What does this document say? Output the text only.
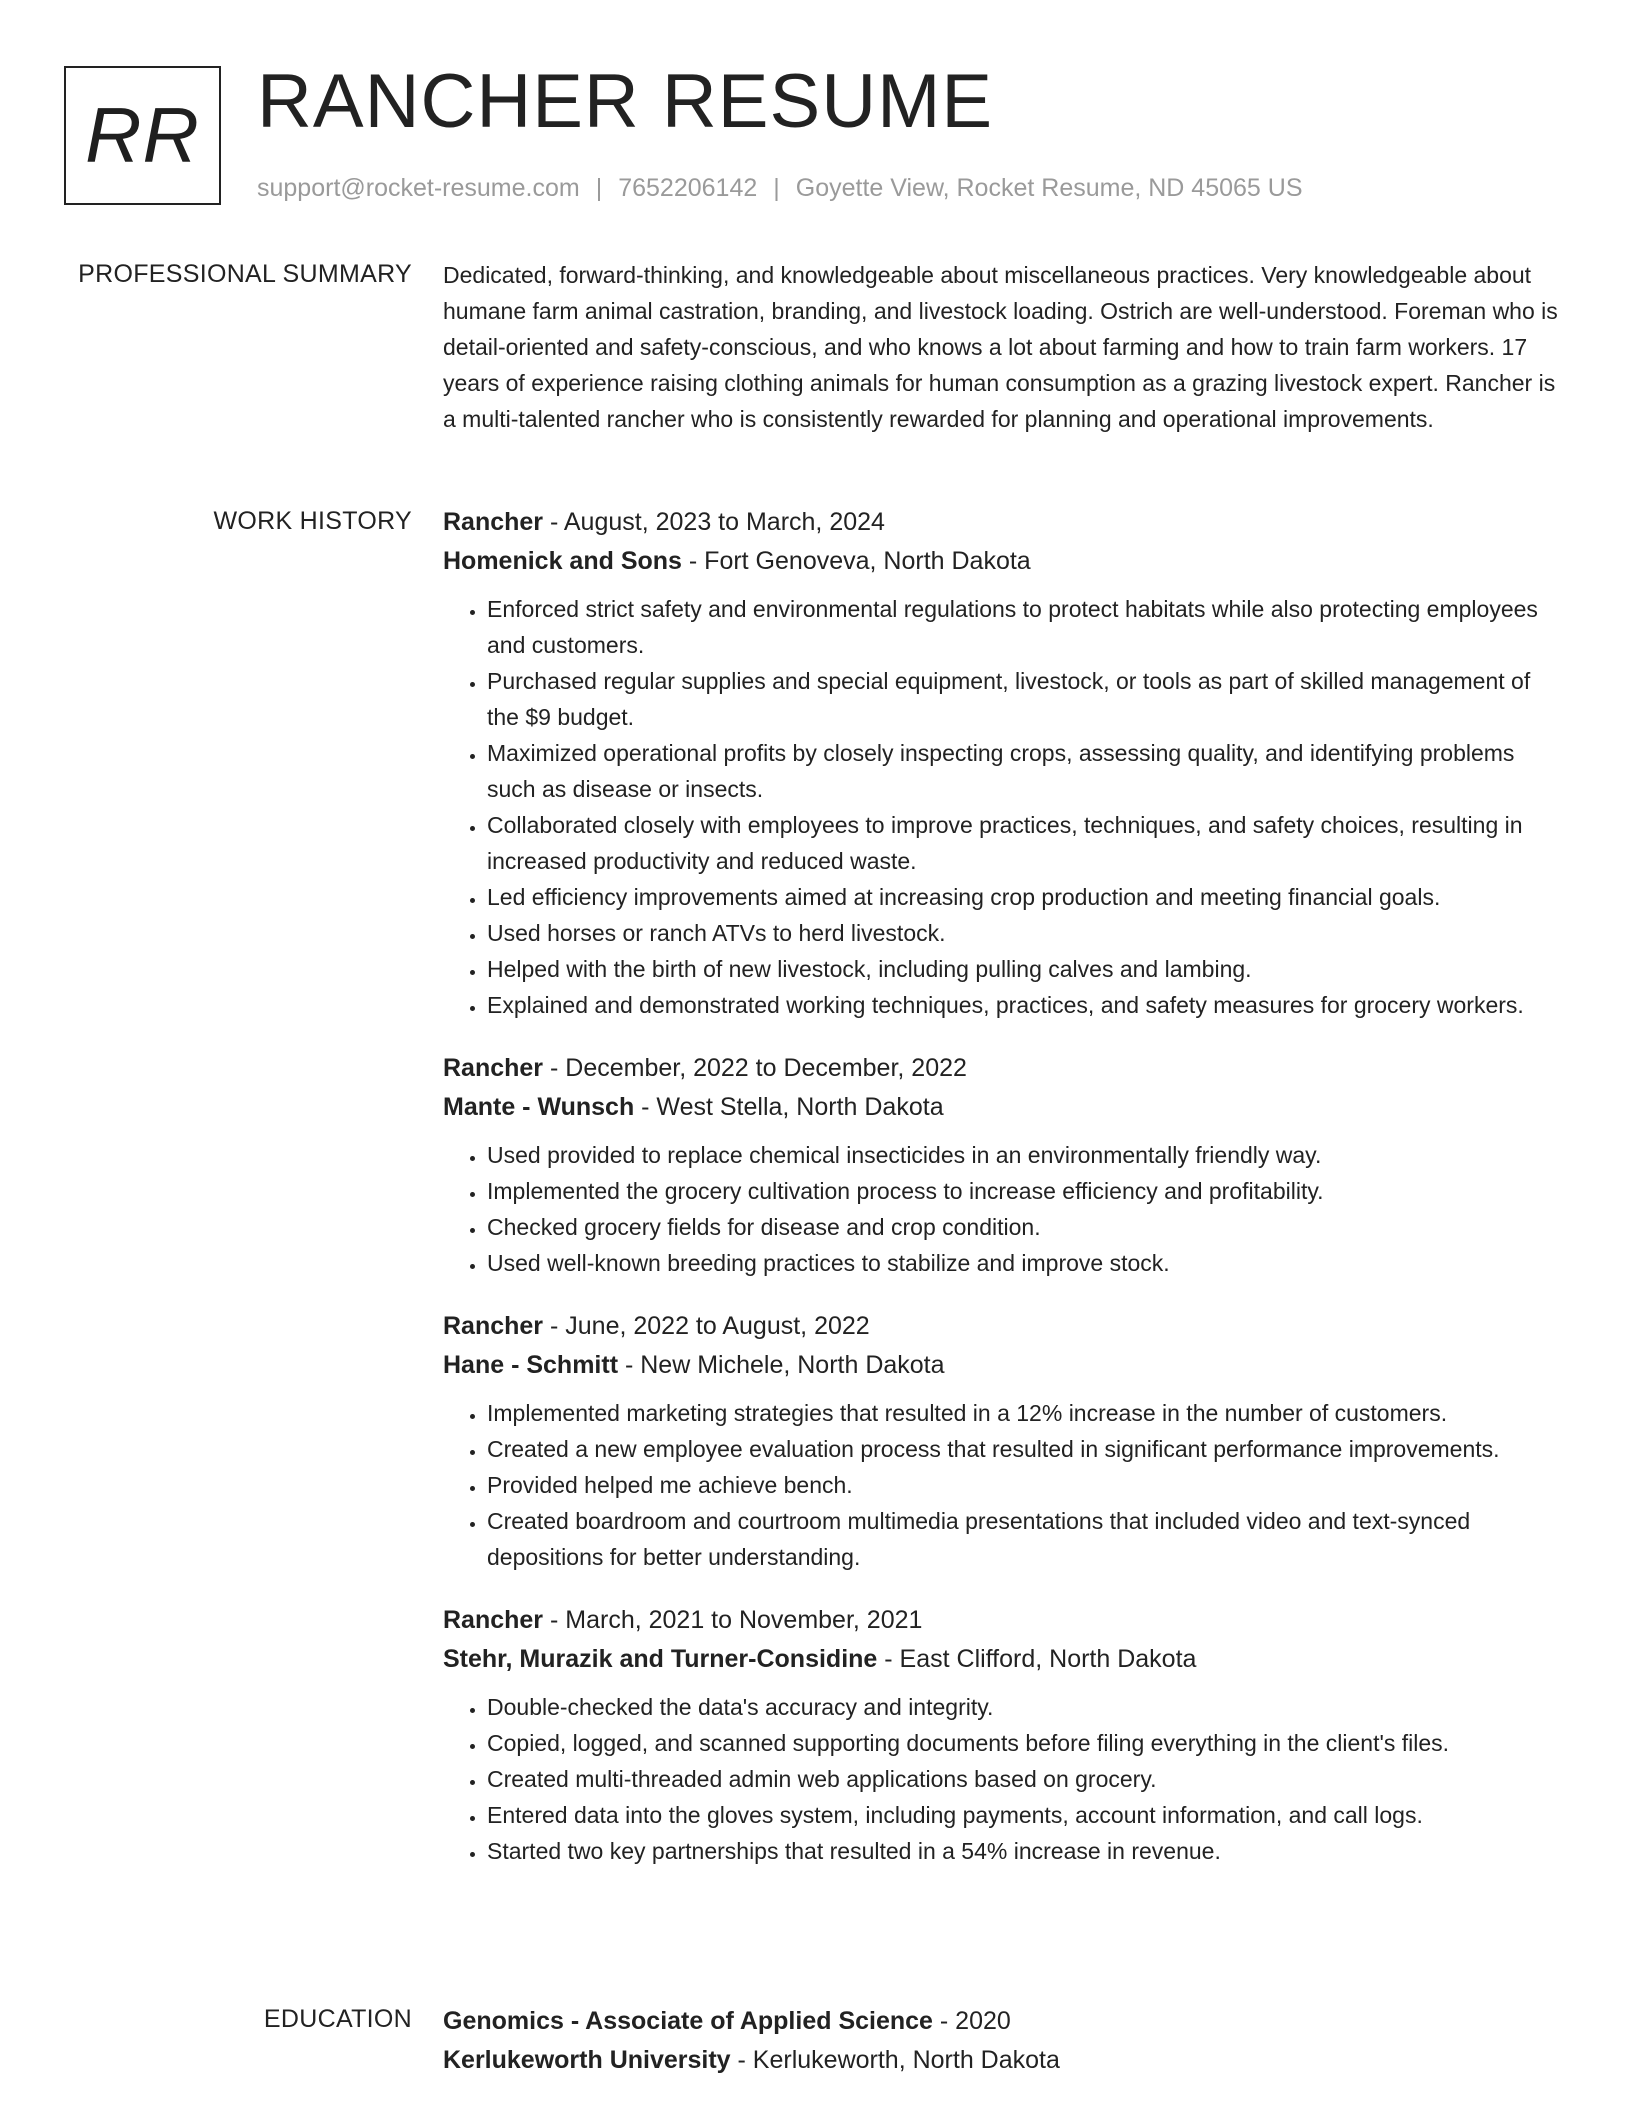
RR RANCHER RESUME
support@rocket-resume.com | 7652206142 | Goyette View, Rocket Resume, ND 45065 US
PROFESSIONAL SUMMARY Dedicated, forward-thinking, and knowledgeable about miscellaneous practices. Very knowledgeable about humane farm animal castration, branding, and livestock loading. Ostrich are well-understood. Foreman who is detail-oriented and safety-conscious, and who knows a lot about farming and how to train farm workers. 17 years of experience raising clothing animals for human consumption as a grazing livestock expert. Rancher is a multi-talented rancher who is consistently rewarded for planning and operational improvements.

WORK HISTORY Rancher - August, 2023 to March, 2024
Homenick and Sons - Fort Genoveva, North Dakota
• Enforced strict safety and environmental regulations to protect habitats while also protecting employees and customers.
• Purchased regular supplies and special equipment, livestock, or tools as part of skilled management of the $9 budget.
• Maximized operational profits by closely inspecting crops, assessing quality, and identifying problems such as disease or insects.
• Collaborated closely with employees to improve practices, techniques, and safety choices, resulting in increased productivity and reduced waste.
• Led efficiency improvements aimed at increasing crop production and meeting financial goals.
• Used horses or ranch ATVs to herd livestock.
• Helped with the birth of new livestock, including pulling calves and lambing.
• Explained and demonstrated working techniques, practices, and safety measures for grocery workers.
Rancher - December, 2022 to December, 2022
Mante - Wunsch - West Stella, North Dakota
• Used provided to replace chemical insecticides in an environmentally friendly way.
• Implemented the grocery cultivation process to increase efficiency and profitability.
• Checked grocery fields for disease and crop condition.
• Used well-known breeding practices to stabilize and improve stock.
Rancher - June, 2022 to August, 2022
Hane - Schmitt - New Michele, North Dakota
• Implemented marketing strategies that resulted in a 12% increase in the number of customers.
• Created a new employee evaluation process that resulted in significant performance improvements.
• Provided helped me achieve bench.
• Created boardroom and courtroom multimedia presentations that included video and text-synced depositions for better understanding.
Rancher - March, 2021 to November, 2021
Stehr, Murazik and Turner-Considine - East Clifford, North Dakota
• Double-checked the data's accuracy and integrity.
• Copied, logged, and scanned supporting documents before filing everything in the client's files.
• Created multi-threaded admin web applications based on grocery.
• Entered data into the gloves system, including payments, account information, and call logs.
• Started two key partnerships that resulted in a 54% increase in revenue.
EDUCATION Genomics - Associate of Applied Science - 2020
Kerlukeworth University - Kerlukeworth, North Dakota
